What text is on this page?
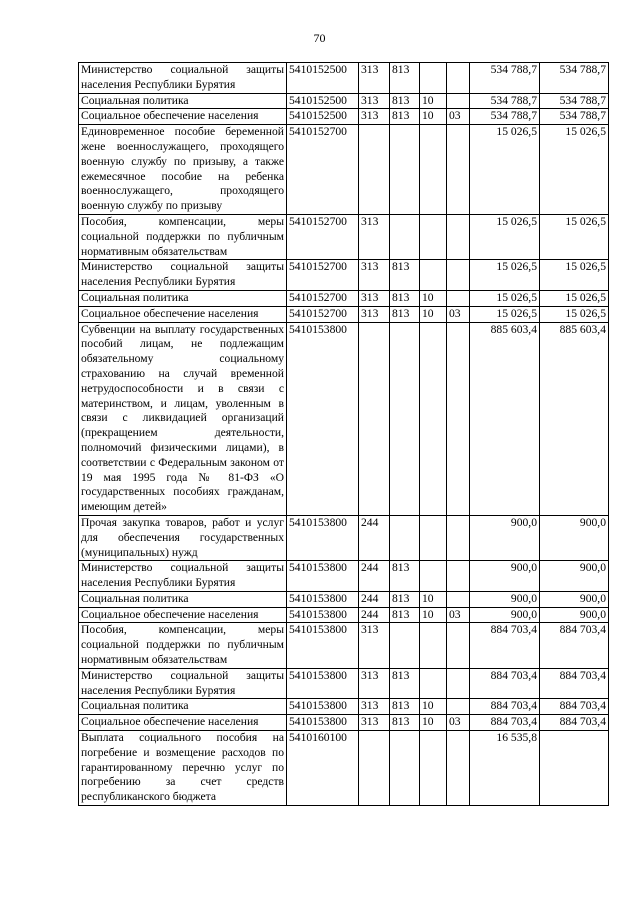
70
Министерство социальной защиты населения Республики Бурятия	5410152500	313	813			534 788,7	534 788,7
Социальная политика	5410152500	313	813	10		534 788,7	534 788,7
Социальное обеспечение населения	5410152500	313	813	10	03	534 788,7	534 788,7
Единовременное пособие беременной жене военнослужащего, проходящего военную службу по призыву, а также ежемесячное пособие на ребенка военнослужащего, проходящего военную службу по призыву	5410152700					15 026,5	15 026,5
Пособия, компенсации, меры социальной поддержки по публичным нормативным обязательствам	5410152700	313				15 026,5	15 026,5
Министерство социальной защиты населения Республики Бурятия	5410152700	313	813			15 026,5	15 026,5
Социальная политика	5410152700	313	813	10		15 026,5	15 026,5
Социальное обеспечение населения	5410152700	313	813	10	03	15 026,5	15 026,5
Субвенции на выплату государственных пособий лицам, не подлежащим обязательному социальному страхованию на случай временной нетрудоспособности и в связи с материнством, и лицам, уволенным в связи с ликвидацией организаций (прекращением деятельности, полномочий физическими лицами), в соответствии с Федеральным законом от 19 мая 1995 года № 81-ФЗ «О государственных пособиях гражданам, имеющим детей»	5410153800					885 603,4	885 603,4
Прочая закупка товаров, работ и услуг для обеспечения государственных (муниципальных) нужд	5410153800	244				900,0	900,0
Министерство социальной защиты населения Республики Бурятия	5410153800	244	813			900,0	900,0
Социальная политика	5410153800	244	813	10		900,0	900,0
Социальное обеспечение населения	5410153800	244	813	10	03	900,0	900,0
Пособия, компенсации, меры социальной поддержки по публичным нормативным обязательствам	5410153800	313				884 703,4	884 703,4
Министерство социальной защиты населения Республики Бурятия	5410153800	313	813			884 703,4	884 703,4
Социальная политика	5410153800	313	813	10		884 703,4	884 703,4
Социальное обеспечение населения	5410153800	313	813	10	03	884 703,4	884 703,4
Выплата социального пособия на погребение и возмещение расходов по гарантированному перечню услуг по погребению за счет средств республиканского бюджета	5410160100					16 535,8	
